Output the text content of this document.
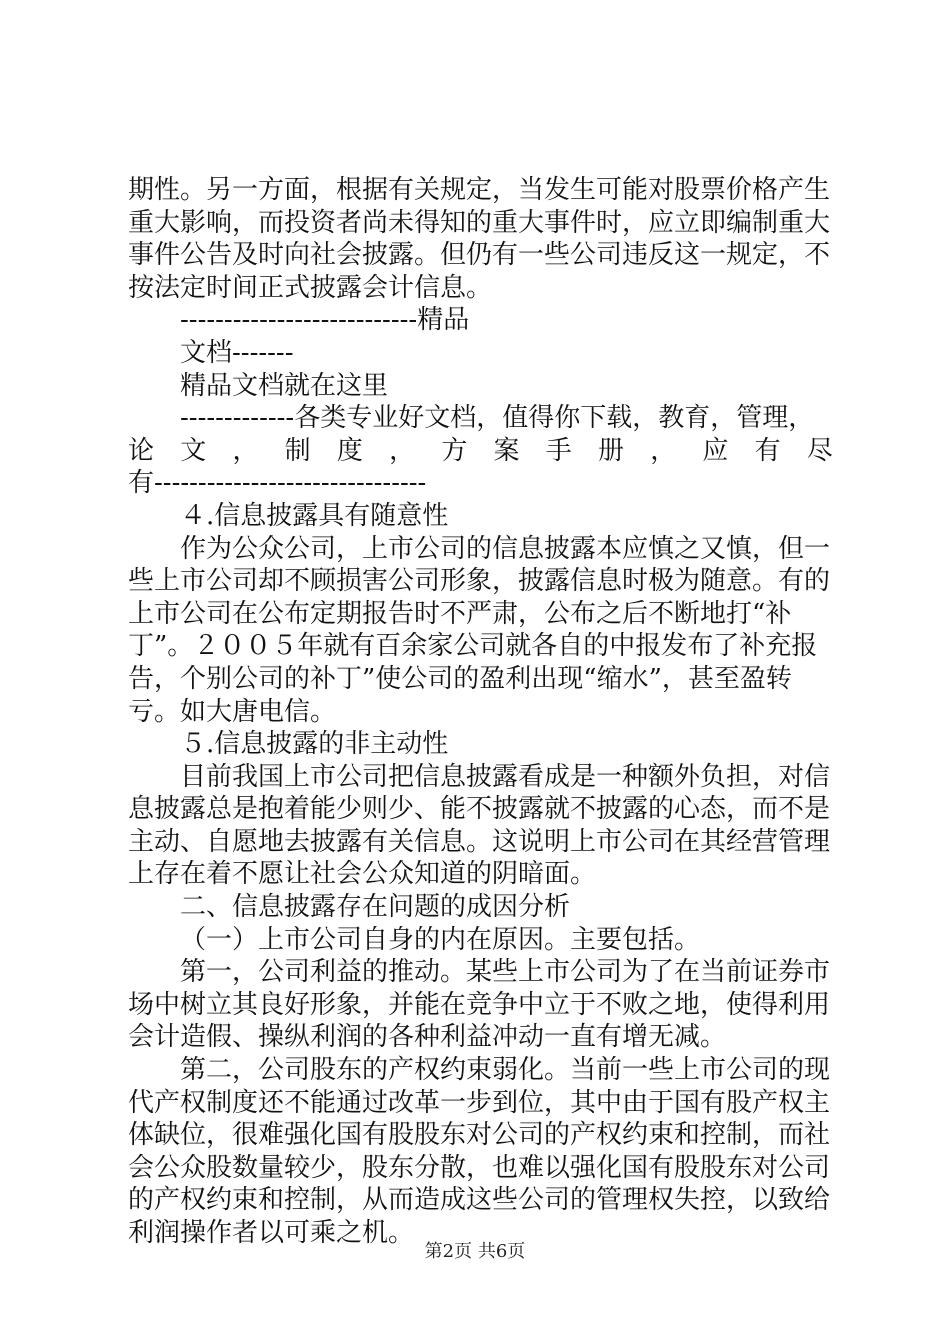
期性。另一方面，根据有关规定，当发生可能对股票价格产生
重大影响，而投资者尚未得知的重大事件时，应立即编制重大
事件公告及时向社会披露。但仍有一些公司违反这一规定，不
按法定时间正式披露会计信息。
---------------------------精品
文档-------
精品文档就在这里
-------------各类专业好文档，值得你下载，教育，管理，
论 文 ， 制 度 ， 方 案 手 册 ， 应 有 尽
有-------------------------------
４.信息披露具有随意性
作为公众公司，上市公司的信息披露本应慎之又慎，但一
些上市公司却不顾损害公司形象，披露信息时极为随意。有的
上市公司在公布定期报告时不严肃，公布之后不断地打“补
丁”。２００５年就有百余家公司就各自的中报发布了补充报
告，个别公司的补丁”使公司的盈利出现“缩水”，甚至盈转
亏。如大唐电信。
５.信息披露的非主动性
目前我国上市公司把信息披露看成是一种额外负担，对信
息披露总是抱着能少则少、能不披露就不披露的心态，而不是
主动、自愿地去披露有关信息。这说明上市公司在其经营管理
上存在着不愿让社会公众知道的阴暗面。
二、信息披露存在问题的成因分析
（一）上市公司自身的内在原因。主要包括。
第一，公司利益的推动。某些上市公司为了在当前证券市
场中树立其良好形象，并能在竞争中立于不败之地，使得利用
会计造假、操纵利润的各种利益冲动一直有增无减。
第二，公司股东的产权约束弱化。当前一些上市公司的现
代产权制度还不能通过改革一步到位，其中由于国有股产权主
体缺位，很难强化国有股股东对公司的产权约束和控制，而社
会公众股数量较少，股东分散，也难以强化国有股股东对公司
的产权约束和控制，从而造成这些公司的管理权失控，以致给
利润操作者以可乘之机。
第2页 共6页
